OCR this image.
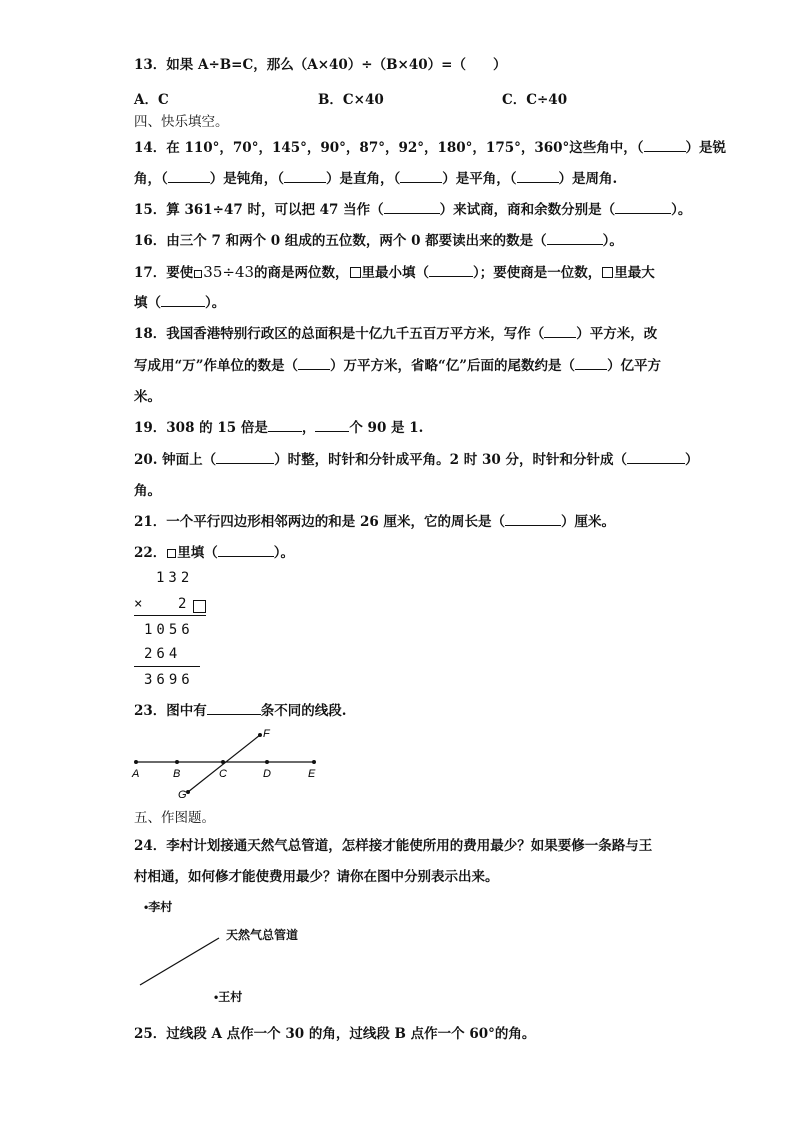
13．如果 A÷B=C，那么（A×40）÷（B×40）=（　　）
A．C	B．C×40	C．C÷40
四、快乐填空。
14．在 110°，70°，145°，90°，87°，92°，180°，175°，360°这些角中，（	）是锐
角，（	）是钝角，（	）是直角，（	）是平角，（	）是周角.
15．算 361÷47 时，可以把 47 当作（	）来试商，商和余数分别是（	）。
16．由三个 7 和两个 0 组成的五位数，两个 0 都要读出来的数是（	）。
17．要使 35÷43的商是两位数， 里最小填（	）；要使商是一位数， 里最大
填（	）。
18．我国香港特别行政区的总面积是十亿九千五百万平方米，写作（ ）平方米，改
写成用“万”作单位的数是（ ）万平方米，省略“亿”后面的尾数约是（ ）亿平方
米。
19．308 的 15 倍是	，	个 90 是 1.
20. 钟面上（	）时整，时针和分针成平角。2 时 30 分，时针和分针成（	）
角。
21．一个平行四边形相邻两边的和是 26 厘米，它的周长是（	）厘米。
22． 里填（	）。
132
× 2
1056
264
3696
23．图中有	条不同的线段.
A	B	C	D	E
F
G
五、作图题。
24．李村计划接通天然气总管道，怎样接才能使所用的费用最少？如果要修一条路与王
村相通，如何修才能使费用最少？请你在图中分别表示出来。
•李村
天然气总管道
•王村
25．过线段 A 点作一个 30 的角，过线段 B 点作一个 60°的角。
